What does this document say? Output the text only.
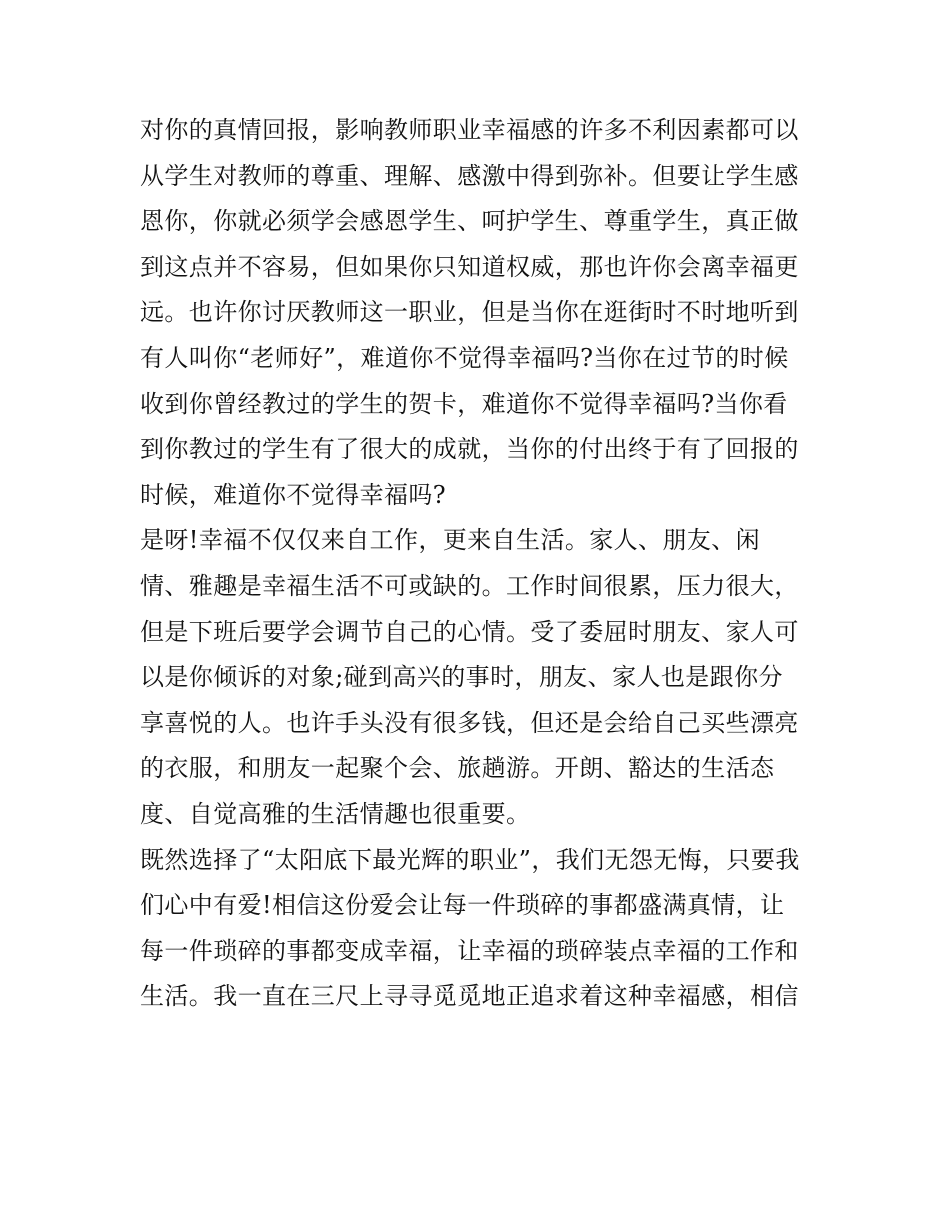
对你的真情回报，影响教师职业幸福感的许多不利因素都可以
从学生对教师的尊重、理解、感激中得到弥补。但要让学生感
恩你，你就必须学会感恩学生、呵护学生、尊重学生，真正做
到这点并不容易，但如果你只知道权威，那也许你会离幸福更
远。也许你讨厌教师这一职业，但是当你在逛街时不时地听到
有人叫你“老师好”，难道你不觉得幸福吗?当你在过节的时候
收到你曾经教过的学生的贺卡，难道你不觉得幸福吗?当你看
到你教过的学生有了很大的成就，当你的付出终于有了回报的
时候，难道你不觉得幸福吗?
是呀!幸福不仅仅来自工作，更来自生活。家人、朋友、闲
情、雅趣是幸福生活不可或缺的。工作时间很累，压力很大，
但是下班后要学会调节自己的心情。受了委屈时朋友、家人可
以是你倾诉的对象;碰到高兴的事时，朋友、家人也是跟你分
享喜悦的人。也许手头没有很多钱，但还是会给自己买些漂亮
的衣服，和朋友一起聚个会、旅趟游。开朗、豁达的生活态
度、自觉高雅的生活情趣也很重要。
既然选择了“太阳底下最光辉的职业”，我们无怨无悔，只要我
们心中有爱!相信这份爱会让每一件琐碎的事都盛满真情，让
每一件琐碎的事都变成幸福，让幸福的琐碎装点幸福的工作和
生活。我一直在三尺上寻寻觅觅地正追求着这种幸福感，相信
